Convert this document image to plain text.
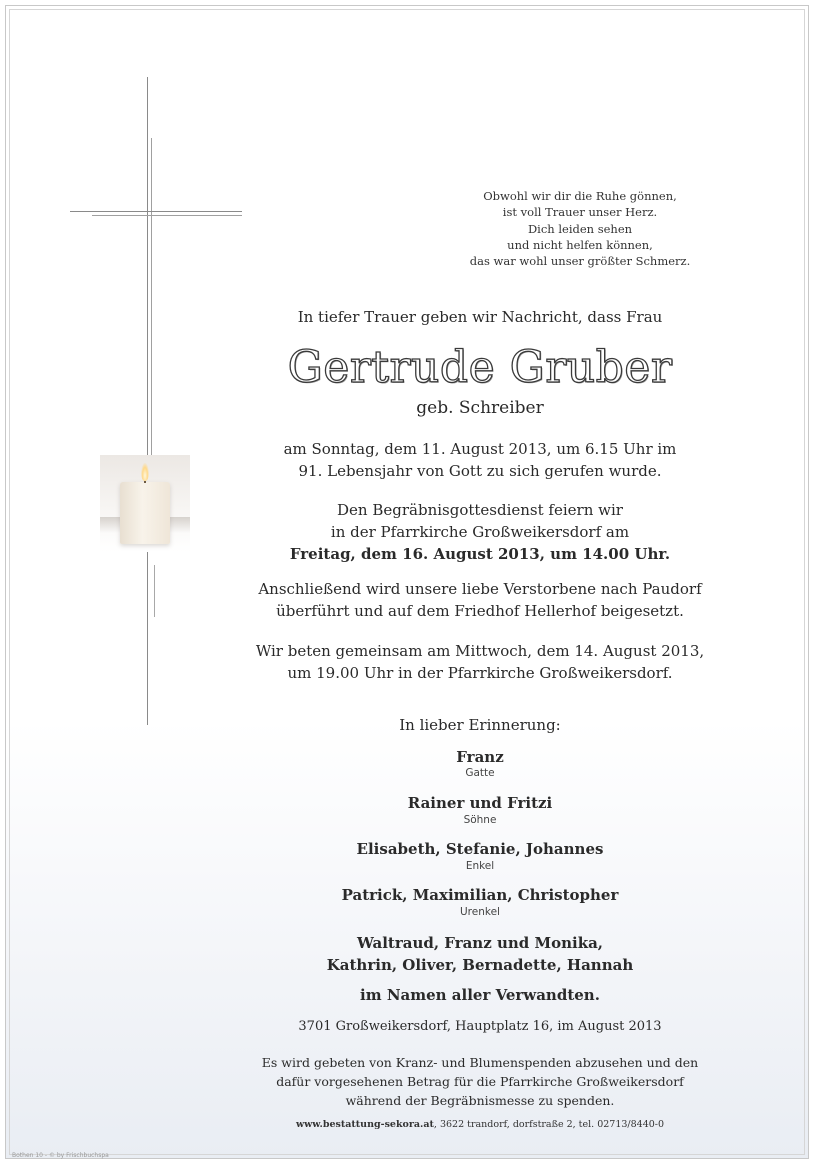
Obwohl wir dir die Ruhe gönnen,
ist voll Trauer unser Herz.
Dich leiden sehen
und nicht helfen können,
das war wohl unser größter Schmerz.
In tiefer Trauer geben wir Nachricht, dass Frau
Gertrude Gruber
geb. Schreiber
am Sonntag, dem 11. August 2013, um 6.15 Uhr im
91. Lebensjahr von Gott zu sich gerufen wurde.
Den Begräbnisgottesdienst feiern wir
in der Pfarrkirche Großweikersdorf am
Freitag, dem 16. August 2013, um 14.00 Uhr.
Anschließend wird unsere liebe Verstorbene nach Paudorf
überführt und auf dem Friedhof Hellerhof beigesetzt.
Wir beten gemeinsam am Mittwoch, dem 14. August 2013,
um 19.00 Uhr in der Pfarrkirche Großweikersdorf.
In lieber Erinnerung:
Franz
Gatte
Rainer und Fritzi
Söhne
Elisabeth, Stefanie, Johannes
Enkel
Patrick, Maximilian, Christopher
Urenkel
Waltraud, Franz und Monika,
Kathrin, Oliver, Bernadette, Hannah
im Namen aller Verwandten.
3701 Großweikersdorf, Hauptplatz 16, im August 2013
Es wird gebeten von Kranz- und Blumenspenden abzusehen und den
dafür vorgesehenen Betrag für die Pfarrkirche Großweikersdorf
während der Begräbnismesse zu spenden.
www.bestattung-sekora.at, 3622 trandorf, dorfstraße 2, tel. 02713/8440-0
Bothen 10 - © by Frischbuchspa
